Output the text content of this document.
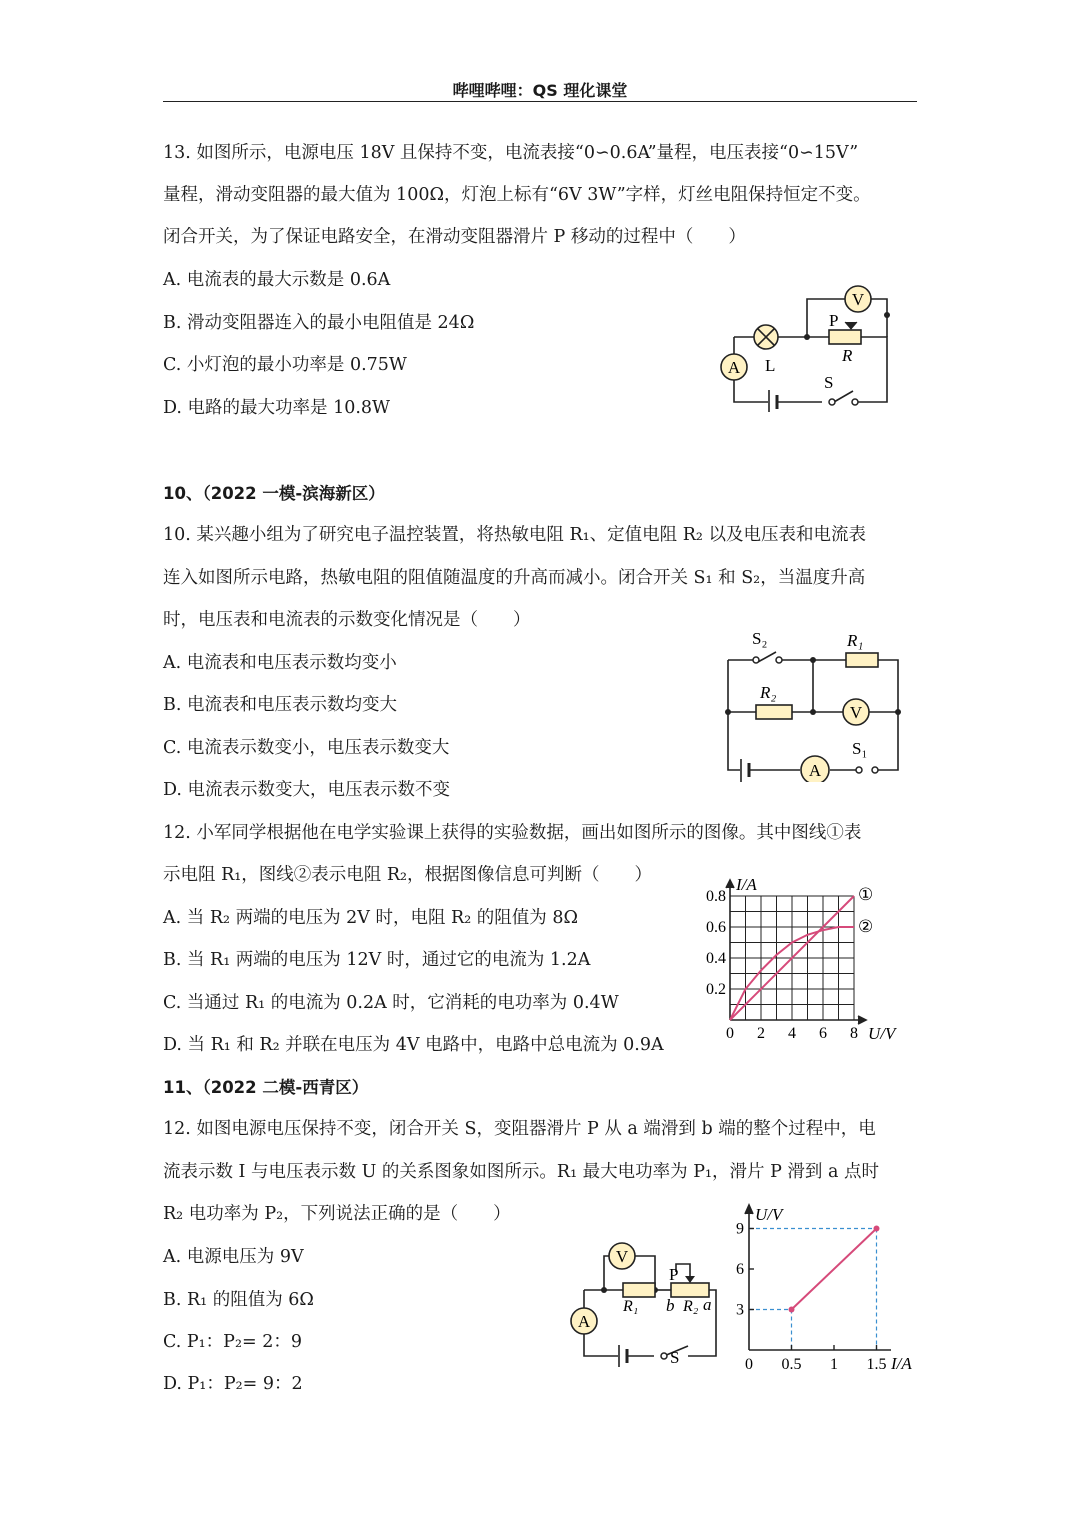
哔哩哔哩：QS 理化课堂
13. 如图所示，电源电压 18V 且保持不变，电流表接“0∽0.6A”量程，电压表接“0∽15V”
量程，滑动变阻器的最大值为 100Ω，灯泡上标有“6V 3W”字样，灯丝电阻保持恒定不变。
闭合开关，为了保证电路安全，在滑动变阻器滑片 P 移动的过程中（　　）
A. 电流表的最大示数是 0.6A
B. 滑动变阻器连入的最小电阻值是 24Ω
C. 小灯泡的最小功率是 0.75W
D. 电路的最大功率是 10.8W
V
A L
P
R
S
10、（2022 一模-滨海新区）
10. 某兴趣小组为了研究电子温控装置，将热敏电阻 R₁、定值电阻 R₂ 以及电压表和电流表
连入如图所示电路，热敏电阻的阻值随温度的升高而减小。闭合开关 S₁ 和 S₂，当温度升高
时，电压表和电流表的示数变化情况是（　　）
A. 电流表和电压表示数均变小
B. 电流表和电压表示数均变大
C. 电流表示数变小，电压表示数变大
D. 电流表示数变大，电压表示数不变
V
A
S₂	R₁
R₂
S₁
12. 小军同学根据他在电学实验课上获得的实验数据，画出如图所示的图像。其中图线①表
示电阻 R₁，图线②表示电阻 R₂，根据图像信息可判断（　　）
A. 当 R₂ 两端的电压为 2V 时，电阻 R₂ 的阻值为 8Ω
B. 当 R₁ 两端的电压为 12V 时，通过它的电流为 1.2A
C. 当通过 R₁ 的电流为 0.2A 时，它消耗的电功率为 0.4W
D. 当 R₁ 和 R₂ 并联在电压为 4V 电路中，电路中总电流为 0.9A
0 2 4 6 8
0.2
0.4
0.6
0.8
I/A
U/V
①
②
11、（2022 二模-西青区）
12. 如图电源电压保持不变，闭合开关 S，变阻器滑片 P 从 a 端滑到 b 端的整个过程中，电
流表示数 I 与电压表示数 U 的关系图象如图所示。R₁ 最大电功率为 P₁，滑片 P 滑到 a 点时
R₂ 电功率为 P₂，下列说法正确的是（　　）
A. 电源电压为 9V
B. R₁ 的阻值为 6Ω
C. P₁：P₂= 2：9
D. P₁：P₂= 9：2
V
A
R₁	R₂
b a
P
S	0 0.5 1 1.5
3
6
9
U/V
I/A
